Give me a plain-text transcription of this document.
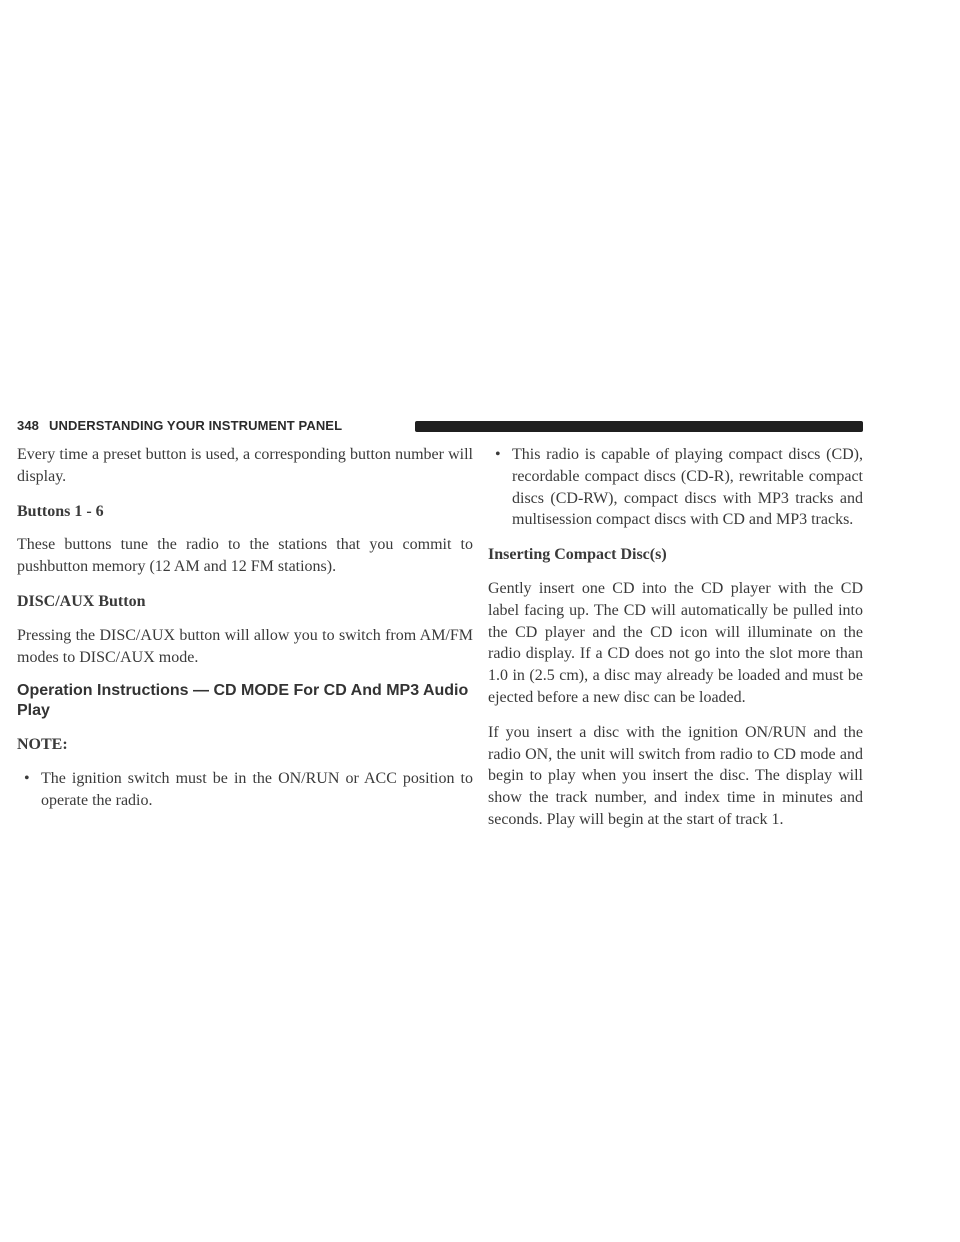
348 UNDERSTANDING YOUR INSTRUMENT PANEL

Every time a preset button is used, a corresponding button number will display.

Buttons 1 - 6

These buttons tune the radio to the stations that you commit to pushbutton memory (12 AM and 12 FM stations).

DISC/AUX Button

Pressing the DISC/AUX button will allow you to switch from AM/FM modes to DISC/AUX mode.

Operation Instructions — CD MODE For CD And MP3 Audio Play
NOTE:
• The ignition switch must be in the ON/RUN or ACC position to operate the radio.
• This radio is capable of playing compact discs (CD), recordable compact discs (CD-R), rewritable compact discs (CD-RW), compact discs with MP3 tracks and multisession compact discs with CD and MP3 tracks.
Inserting Compact Disc(s)

Gently insert one CD into the CD player with the CD label facing up. The CD will automatically be pulled into the CD player and the CD icon will illuminate on the radio display. If a CD does not go into the slot more than 1.0 in (2.5 cm), a disc may already be loaded and must be ejected before a new disc can be loaded.

If you insert a disc with the ignition ON/RUN and the radio ON, the unit will switch from radio to CD mode and begin to play when you insert the disc. The display will show the track number, and index time in minutes and seconds. Play will begin at the start of track 1.
